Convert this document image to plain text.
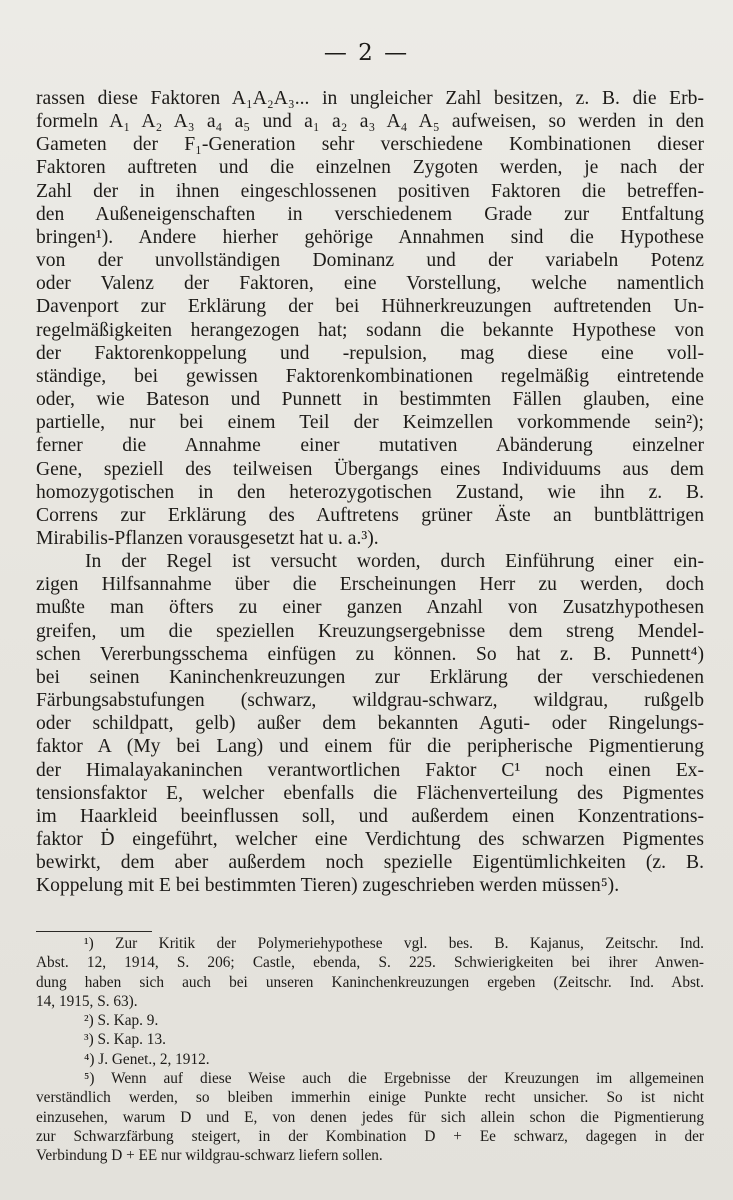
— 2 —

rassen diese Faktoren A₁A₂A₃... in ungleicher Zahl besitzen, z. B. die Erb-
formeln A₁ A₂ A₃ a₄ a₅ und a₁ a₂ a₃ A₄ A₅ aufweisen, so werden in den
Gameten der F₁-Generation sehr verschiedene Kombinationen dieser
Faktoren auftreten und die einzelnen Zygoten werden, je nach der
Zahl der in ihnen eingeschlossenen positiven Faktoren die betreffen-
den Außeneigenschaften in verschiedenem Grade zur Entfaltung
bringen¹). Andere hierher gehörige Annahmen sind die Hypothese
von der unvollständigen Dominanz und der variabeln Potenz
oder Valenz der Faktoren, eine Vorstellung, welche namentlich
Davenport zur Erklärung der bei Hühnerkreuzungen auftretenden Un-
regelmäßigkeiten herangezogen hat; sodann die bekannte Hypothese von
der Faktorenkoppelung und -repulsion, mag diese eine voll-
ständige, bei gewissen Faktorenkombinationen regelmäßig eintretende
oder, wie Bateson und Punnett in bestimmten Fällen glauben, eine
partielle, nur bei einem Teil der Keimzellen vorkommende sein²);
ferner die Annahme einer mutativen Abänderung einzelner
Gene, speziell des teilweisen Übergangs eines Individuums aus dem
homozygotischen in den heterozygotischen Zustand, wie ihn z. B.
Correns zur Erklärung des Auftretens grüner Äste an buntblättrigen
Mirabilis-Pflanzen vorausgesetzt hat u. a.³).

In der Regel ist versucht worden, durch Einführung einer ein-
zigen Hilfsannahme über die Erscheinungen Herr zu werden, doch
mußte man öfters zu einer ganzen Anzahl von Zusatzhypothesen
greifen, um die speziellen Kreuzungsergebnisse dem streng Mendel-
schen Vererbungsschema einfügen zu können. So hat z. B. Punnett⁴)
bei seinen Kaninchenkreuzungen zur Erklärung der verschiedenen
Färbungsabstufungen (schwarz, wildgrau-schwarz, wildgrau, rußgelb
oder schildpatt, gelb) außer dem bekannten Aguti- oder Ringelungs-
faktor A (My bei Lang) und einem für die peripherische Pigmentierung
der Himalayakaninchen verantwortlichen Faktor C¹ noch einen Ex-
tensionsfaktor E, welcher ebenfalls die Flächenverteilung des Pigmentes
im Haarkleid beeinflussen soll, und außerdem einen Konzentrations-
faktor Ḋ eingeführt, welcher eine Verdichtung des schwarzen Pigmentes
bewirkt, dem aber außerdem noch spezielle Eigentümlichkeiten (z. B.
Koppelung mit E bei bestimmten Tieren) zugeschrieben werden müssen⁵).

¹) Zur Kritik der Polymeriehypothese vgl. bes. B. Kajanus, Zeitschr. Ind.
Abst. 12, 1914, S. 206; Castle, ebenda, S. 225. Schwierigkeiten bei ihrer Anwen-
dung haben sich auch bei unseren Kaninchenkreuzungen ergeben (Zeitschr. Ind. Abst.
14, 1915, S. 63).
²) S. Kap. 9.
³) S. Kap. 13.
⁴) J. Genet., 2, 1912.
⁵) Wenn auf diese Weise auch die Ergebnisse der Kreuzungen im allgemeinen
verständlich werden, so bleiben immerhin einige Punkte recht unsicher. So ist nicht
einzusehen, warum D und E, von denen jedes für sich allein schon die Pigmentierung
zur Schwarzfärbung steigert, in der Kombination D + Ee schwarz, dagegen in der
Verbindung D + EE nur wildgrau-schwarz liefern sollen.
